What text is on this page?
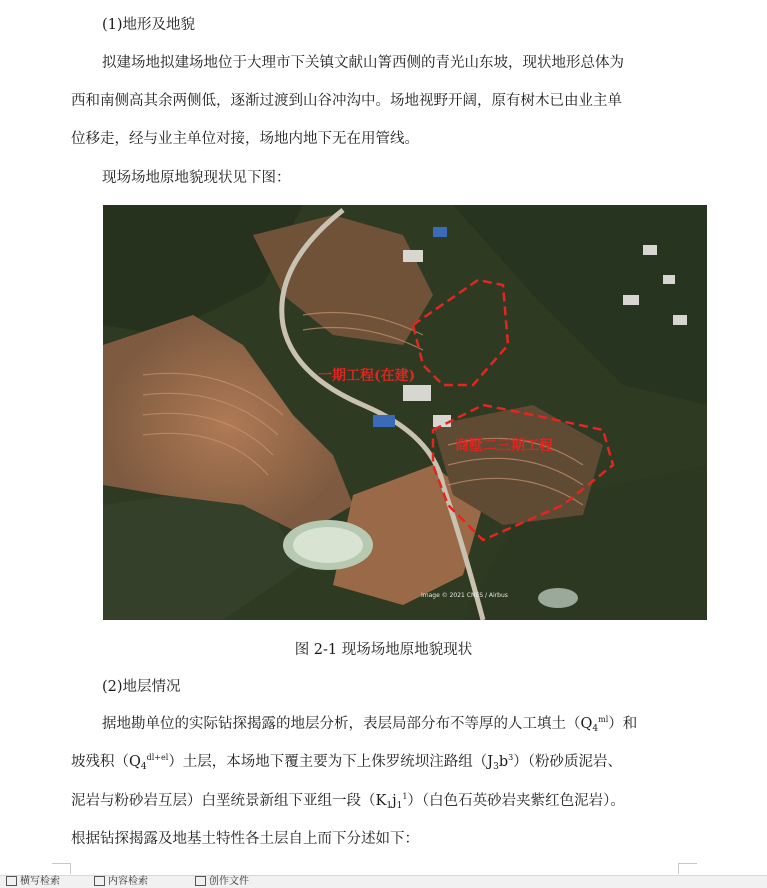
(1)地形及地貌
拟建场地拟建场地位于大理市下关镇文献山箐西侧的青光山东坡，现状地形总体为
西和南侧高其余两侧低，逐渐过渡到山谷冲沟中。场地视野开阔，原有树木已由业主单
位移走，经与业主单位对接，场地内地下无在用管线。
现场场地原地貌现状见下图：
一期工程(在建)
商墅二三期工程
Image © 2021 CNES / Airbus
图 2-1 现场场地原地貌现状
(2)地层情况
据地勘单位的实际钻探揭露的地层分析，表层局部分布不等厚的人工填土$(Q_4^{ml})$和
坡残积$(Q_4^{dl+el})$土层，本场地下覆主要为下上侏罗统坝注路组$(J_3b^3)$（粉砂质泥岩、
泥岩与粉砂岩互层）白垩统景新组下亚组一段$(K_1j_1^1)$（白色石英砂岩夹紫红色泥岩）。
根据钻探揭露及地基土特性各土层自上而下分述如下：
横写检索	内容检索	创作文件
